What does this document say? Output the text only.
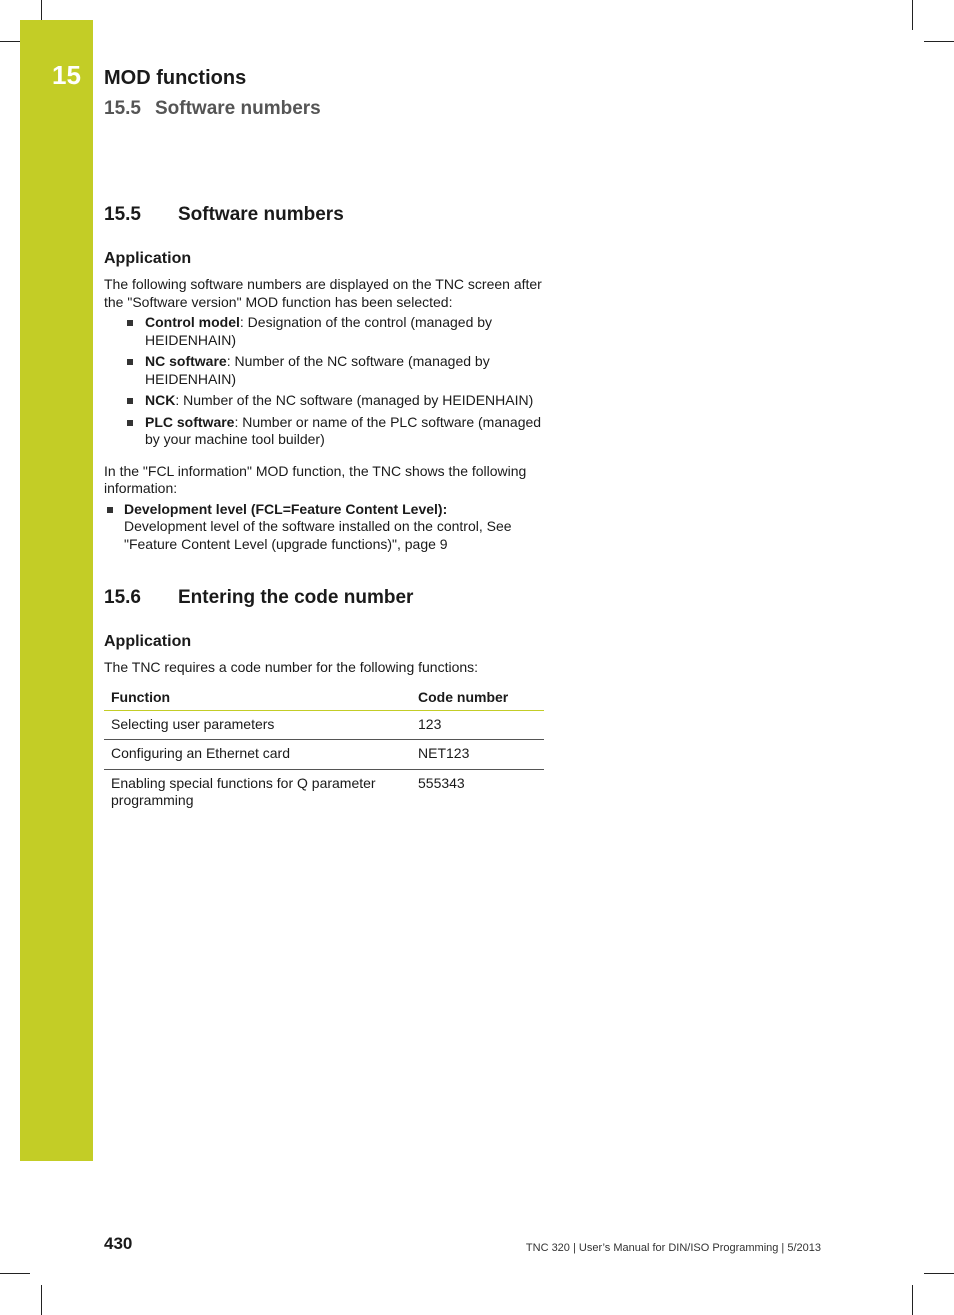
15 MOD functions
15.5 Software numbers
15.5	Software numbers
Application

The following software numbers are displayed on the TNC screen after the "Software version" MOD function has been selected:

Control model: Designation of the control (managed by HEIDENHAIN)
NC software: Number of the NC software (managed by HEIDENHAIN)
NCK: Number of the NC software (managed by HEIDENHAIN)
PLC software: Number or name of the PLC software (managed by your machine tool builder)

In the "FCL information" MOD function, the TNC shows the following information:

Development level (FCL=Feature Content Level):
Development level of the software installed on the control, See "Feature Content Level (upgrade functions)", page 9
15.6	Entering the code number
Application

The TNC requires a code number for the following functions:

Function	Code number
Selecting user parameters	123
Configuring an Ethernet card	NET123
Enabling special functions for Q parameter programming	555343
430	TNC 320 | User’s Manual for DIN/ISO Programming | 5/2013
